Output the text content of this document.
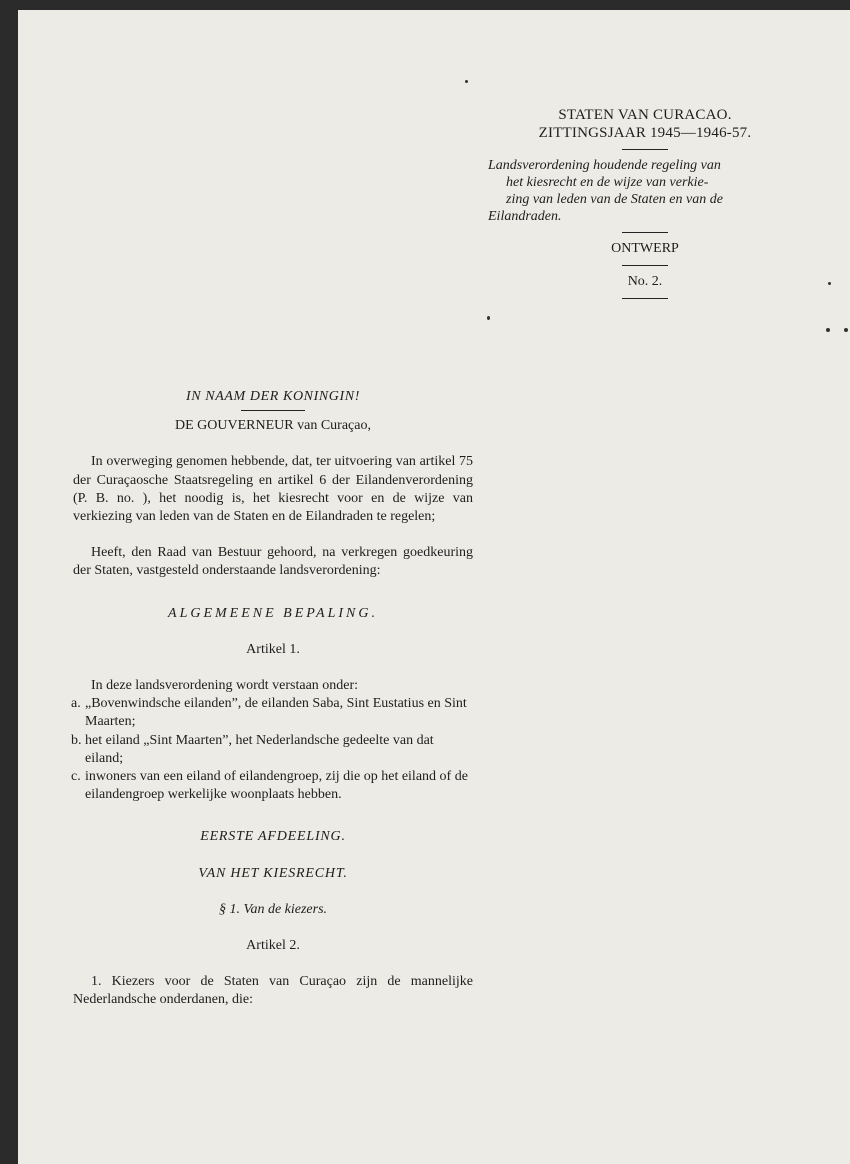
STATEN VAN CURACAO.
ZITTINGSJAAR 1945—1946-57.
Landsverordening houdende regeling van
het kiesrecht en de wijze van verkie-
zing van leden van de Staten en van de
Eilandraden.
ONTWERP
No. 2.
IN NAAM DER KONINGIN!
DE GOUVERNEUR van Curaçao,

In overweging genomen hebbende, dat, ter uitvoering van artikel 75 der Curaçaosche Staatsregeling en artikel 6 der Eilandenverordening (P. B. no. ), het noodig is, het kiesrecht voor en de wijze van verkiezing van leden van de Staten en de Eilandraden te regelen;

Heeft, den Raad van Bestuur gehoord, na verkregen goedkeuring der Staten, vastgesteld onderstaande landsverordening:

ALGEMEENE BEPALING.
Artikel 1.

In deze landsverordening wordt verstaan onder:

a. „Bovenwindsche eilanden”, de eilanden Saba, Sint Eustatius en Sint Maarten;
b. het eiland „Sint Maarten”, het Nederlandsche gedeelte van dat eiland;
c. inwoners van een eiland of eilandengroep, zij die op het eiland of de eilandengroep werkelijke woonplaats hebben.
EERSTE AFDEELING.
VAN HET KIESRECHT.
§ 1. Van de kiezers.
Artikel 2.

1. Kiezers voor de Staten van Curaçao zijn de mannelijke Nederlandsche onderdanen, die:
